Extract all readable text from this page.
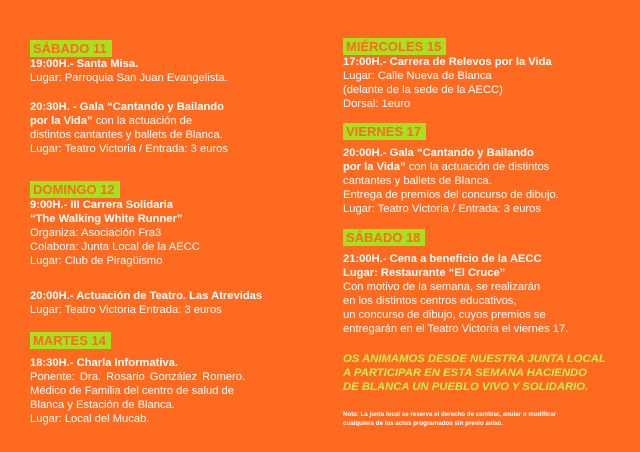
SÁBADO 11

19:00H.- Santa Misa.
Lugar: Parroquia San Juan Evangelista.

20:30H. - Gala “Cantando y Bailando
por la Vida” con la actuación de
distintos cantantes y ballets de Blanca.
Lugar: Teatro Victoria / Entrada: 3 euros

DOMINGO 12

9:00H.- III Carrera Solidaria
“The Walking White Runner”
Organiza: Asociación Fra3
Colabora: Junta Local de la AECC
Lugar: Club de Piragüismo

20:00H.- Actuación de Teatro. Las Atrevidas
Lugar: Teatro Victoria Entrada: 3 euros

MARTES 14

18:30H.- Charla Informativa.
Ponente: Dra. Rosario González Romero.
Médico de Familia del centro de salud de
Blanca y Estación de Blanca.
Lugar: Local del Mucab.

MIÉRCOLES 15

17:00H.- Carrera de Relevos por la Vida
Lugar: Calle Nueva de Blanca
(delante de la sede de la AECC)
Dorsal: 1euro

VIERNES 17

20:00H.- Gala “Cantando y Bailando
por la Vida” con la actuación de distintos
cantantes y ballets de Blanca.
Entrega de premios del concurso de dibujo.
Lugar: Teatro Victoria / Entrada: 3 euros

SÁBADO 18

21:00H.- Cena a beneficio de la AECC
Lugar: Restaurante “El Cruce”
Con motivo de la semana, se realizarán
en los distintos centros educativos,
un concurso de dibujo, cuyos premios se
entregarán en el Teatro Victoria el viernes 17.

OS ANIMAMOS DESDE NUESTRA JUNTA LOCAL
A PARTICIPAR EN ESTA SEMANA HACIENDO
DE BLANCA UN PUEBLO VIVO Y SOLIDARIO.
Nota: La junta local se reserva el derecho de cambiar, anular o modificar
cualquiera de los actos programados sin previo aviso.
